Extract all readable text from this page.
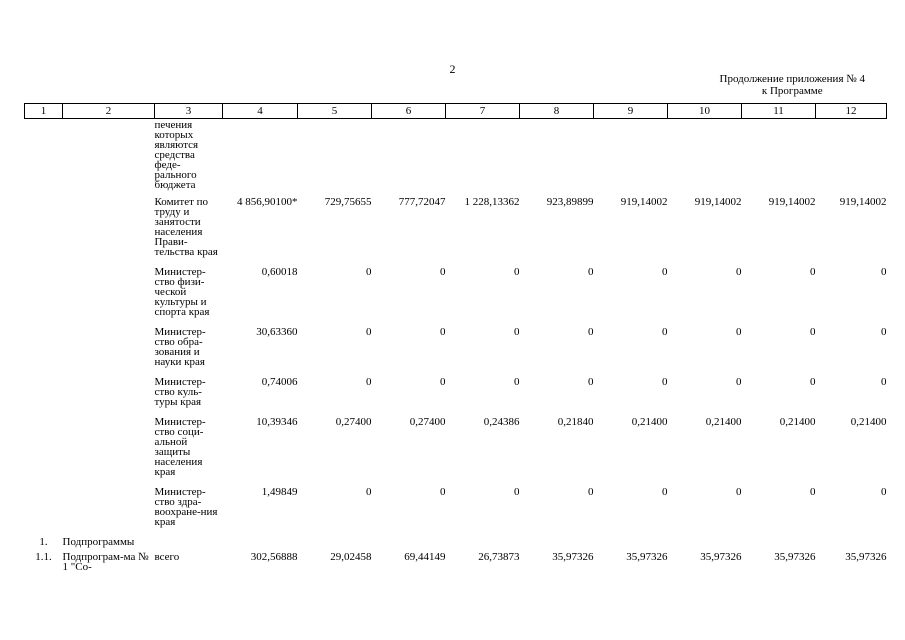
2
Продолжение приложения № 4
к Программе
1	2	3	4	5	6	7	8	9	10	11	12
		печения которых являются средства феде-рального бюджета									
		Комитет по труду и занятости населения Прави-тельства края	4 856,90100*	729,75655	777,72047	1 228,13362	923,89899	919,14002	919,14002	919,14002	919,14002
		Министер-ство физи-ческой культуры и спорта края	0,60018	0	0	0	0	0	0	0	0
		Министер-ство обра-зования и науки края	30,63360	0	0	0	0	0	0	0	0
		Министер-ство куль-туры края	0,74006	0	0	0	0	0	0	0	0
		Министер-ство соци-альной защиты населения края	10,39346	0,27400	0,27400	0,24386	0,21840	0,21400	0,21400	0,21400	0,21400
		Министер-ство здра-воохране-ния края	1,49849	0	0	0	0	0	0	0	0
1.	Подпрограммы										
1.1.	Подпрограм-ма № 1 "Со-	всего	302,56888	29,02458	69,44149	26,73873	35,97326	35,97326	35,97326	35,97326	35,97326
